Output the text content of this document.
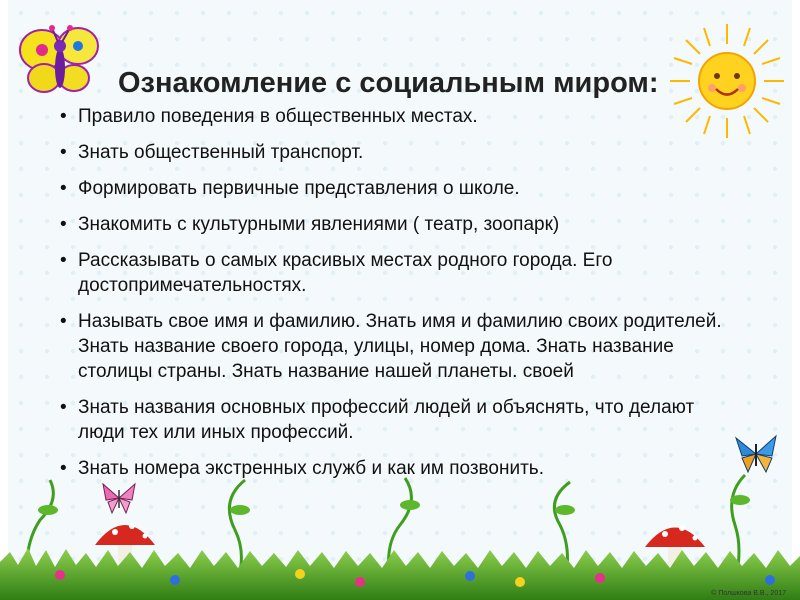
Ознакомление с социальным миром:
• Правило поведения в общественных местах.
• Знать общественный транспорт.
• Формировать первичные представления о школе.
• Знакомить с культурными явлениями ( театр, зоопарк)
• Рассказывать о самых красивых местах родного города. Его достопримечательностях.
• Называть свое имя и фамилию. Знать имя и фамилию своих родителей. Знать название своего города, улицы, номер дома. Знать название столицы страны. Знать название нашей планеты. своей
• Знать названия основных профессий людей и объяснять, что делают люди тех или иных профессий.
• Знать номера экстренных служб и как им позвонить.
© Полшкова В.В., 2017
